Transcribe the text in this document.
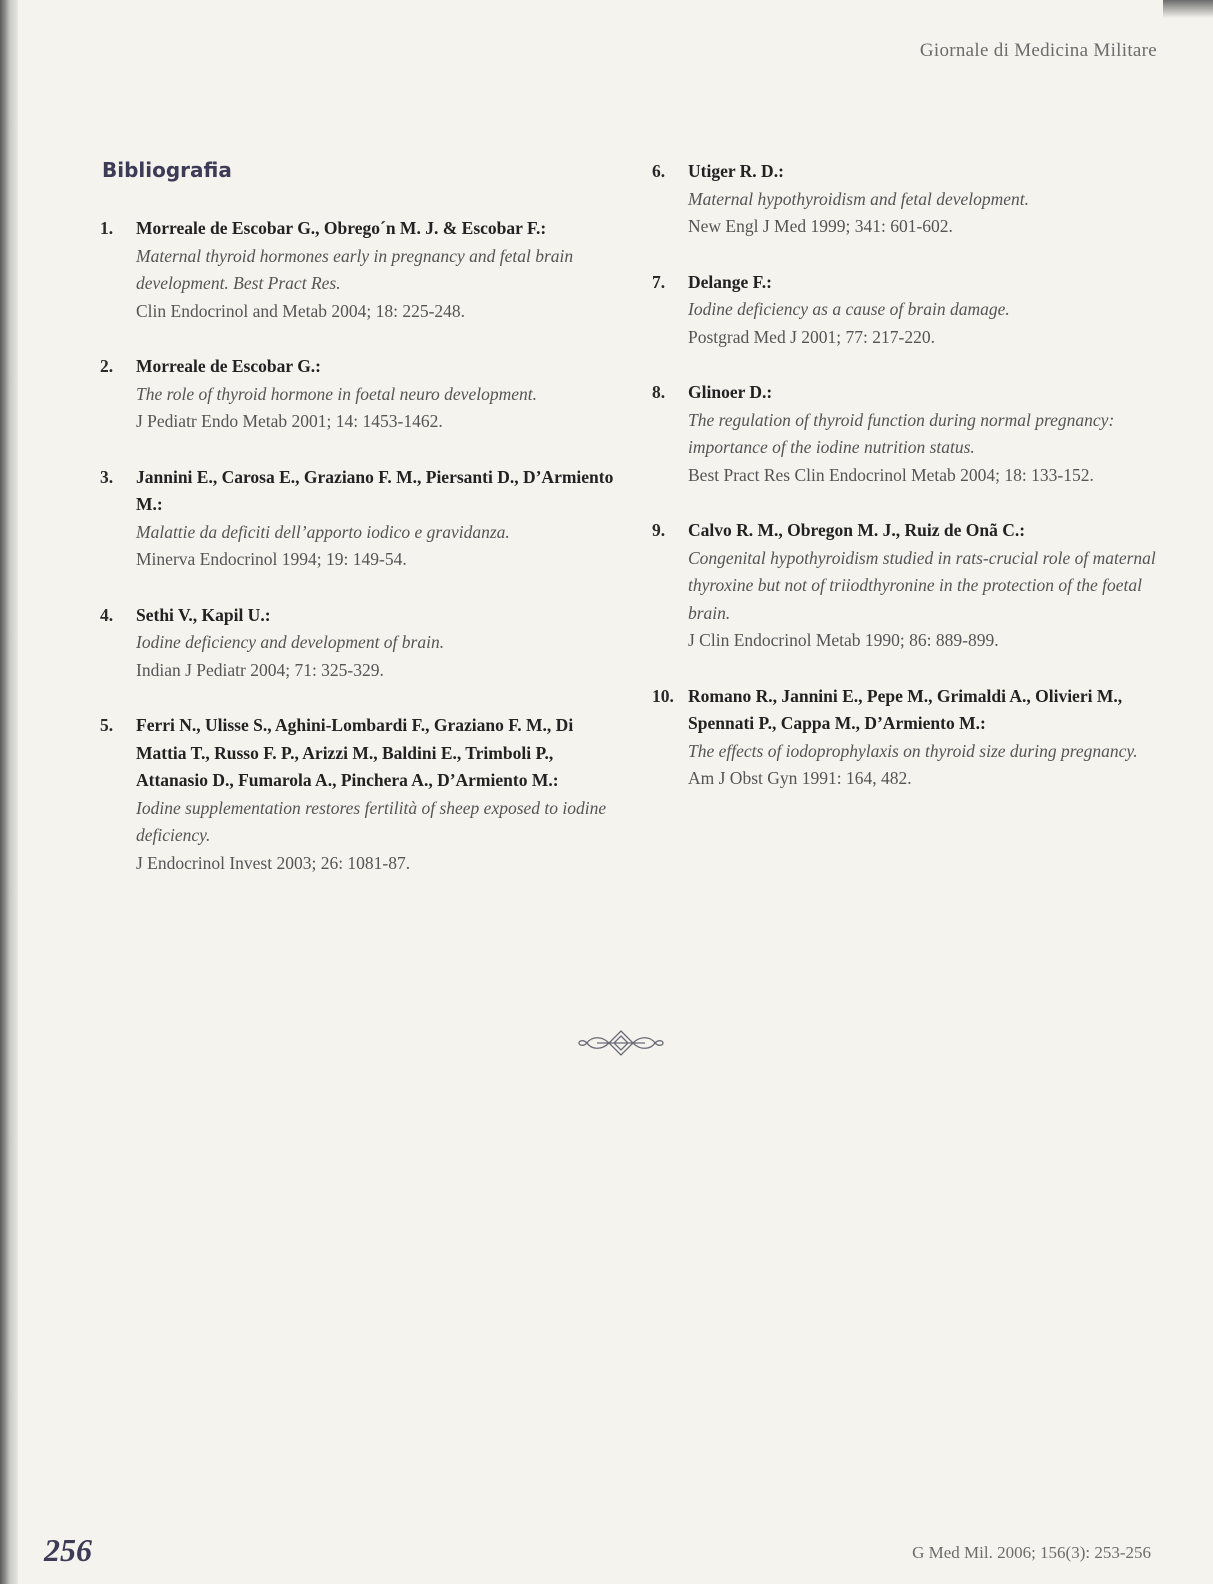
Giornale di Medicina Militare
Bibliografia
1.	Morreale de Escobar G., Obrego´n M. J. & Escobar F.:
Maternal thyroid hormones early in pregnancy and fetal brain development. Best Pract Res.
Clin Endocrinol and Metab 2004; 18: 225-248.
2.	Morreale de Escobar G.:
The role of thyroid hormone in foetal neuro development.
J Pediatr Endo Metab 2001; 14: 1453-1462.
3.	Jannini E., Carosa E., Graziano F. M., Piersanti D., D’Armiento M.:
Malattie da deficiti dell’apporto iodico e gravidanza.
Minerva Endocrinol 1994; 19: 149-54.
4.	Sethi V., Kapil U.:
Iodine deficiency and development of brain.
Indian J Pediatr 2004; 71: 325-329.
5.	Ferri N., Ulisse S., Aghini-Lombardi F., Graziano F. M., Di Mattia T., Russo F. P., Arizzi M., Baldini E., Trimboli P., Attanasio D., Fumarola A., Pinchera A., D’Armiento M.:
Iodine supplementation restores fertilità of sheep exposed to iodine deficiency.
J Endocrinol Invest 2003; 26: 1081-87.
6.	Utiger R. D.:
Maternal hypothyroidism and fetal development.
New Engl J Med 1999; 341: 601-602.
7.	Delange F.:
Iodine deficiency as a cause of brain damage.
Postgrad Med J 2001; 77: 217-220.
8.	Glinoer D.:
The regulation of thyroid function during normal pregnancy: importance of the iodine nutrition status.
Best Pract Res Clin Endocrinol Metab 2004; 18: 133-152.
9.	Calvo R. M., Obregon M. J., Ruiz de Onã C.:
Congenital hypothyroidism studied in rats-crucial role of maternal thyroxine but not of triiodthyronine in the protection of the foetal brain.
J Clin Endocrinol Metab 1990; 86: 889-899.
10. Romano R., Jannini E., Pepe M., Grimaldi A., Olivieri M., Spennati P., Cappa M., D’Armiento M.:
The effects of iodoprophylaxis on thyroid size during pregnancy.
Am J Obst Gyn 1991: 164, 482.
256	G Med Mil. 2006; 156(3): 253-256
